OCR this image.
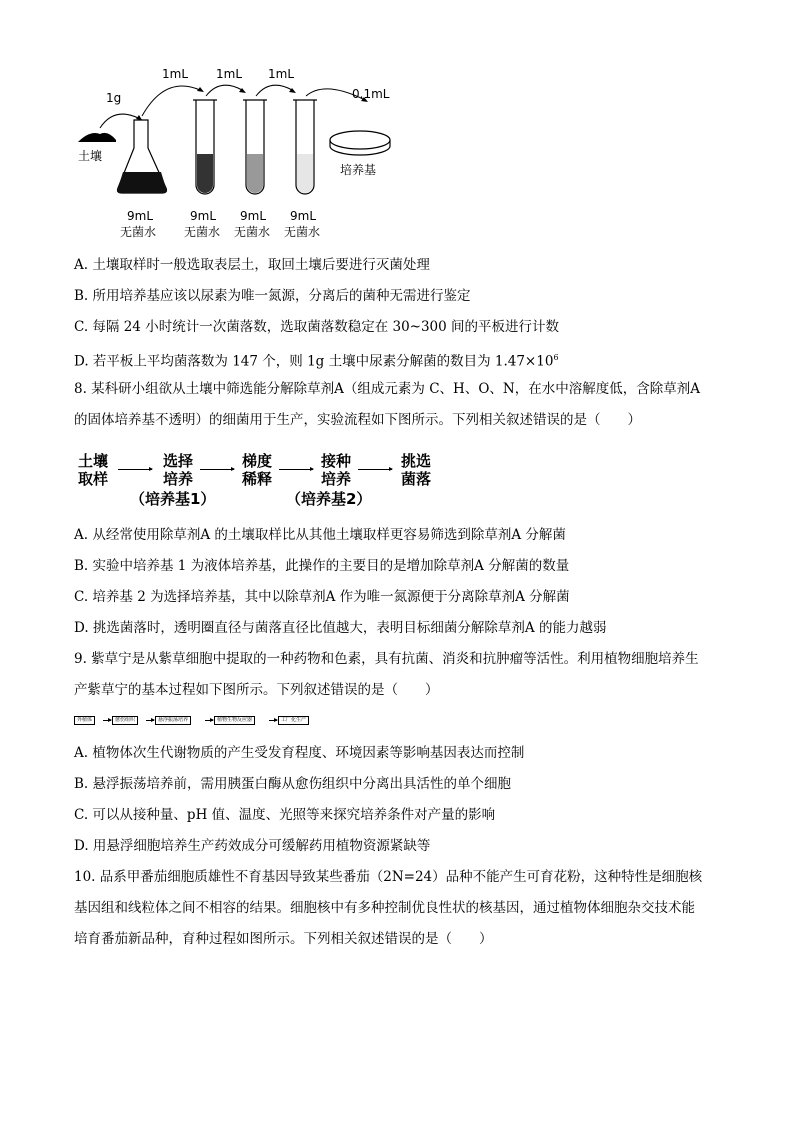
土壤
1g
1mL 1mL 1mL
0.1mL
培养基
9mL	9mL 9mL 9mL
无菌水 无菌水 无菌水 无菌水
A. 土壤取样时一般选取表层土，取回土壤后要进行灭菌处理
B. 所用培养基应该以尿素为唯一氮源，分离后的菌种无需进行鉴定
C. 每隔 24 小时统计一次菌落数，选取菌落数稳定在 30~300 间的平板进行计数
D. 若平板上平均菌落数为 147 个，则 1g 土壤中尿素分解菌的数目为 $1.47\times 10^6$
8. 某科研小组欲从土壤中筛选能分解除草剂A（组成元素为 C、H、O、N，在水中溶解度低，含除草剂A
的固体培养基不透明）的细菌用于生产，实验流程如下图所示。下列相关叙述错误的是（　　）
土壤
取样
选择
培养
梯度
稀释
接种
培养
挑选
菌落
（培养基1）	（培养基2）
A. 从经常使用除草剂A 的土壤取样比从其他土壤取样更容易筛选到除草剂A 分解菌
B. 实验中培养基 1 为液体培养基，此操作的主要目的是增加除草剂A 分解菌的数量
C. 培养基 2 为选择培养基，其中以除草剂A 作为唯一氮源便于分离除草剂A 分解菌
D. 挑选菌落时，透明圈直径与菌落直径比值越大，表明目标细菌分解除草剂A 的能力越弱
9. 紫草宁是从紫草细胞中提取的一种药物和色素，具有抗菌、消炎和抗肿瘤等活性。利用植物细胞培养生
产紫草宁的基本过程如下图所示。下列叙述错误的是（　　）
外植体	愈伤组织	悬浮振荡培养	植物生物反应器	工厂化生产
A. 植物体次生代谢物质的产生受发育程度、环境因素等影响基因表达而控制
B. 悬浮振荡培养前，需用胰蛋白酶从愈伤组织中分离出具活性的单个细胞
C. 可以从接种量、pH 值、温度、光照等来探究培养条件对产量的影响
D. 用悬浮细胞培养生产药效成分可缓解药用植物资源紧缺等
10. 品系甲番茄细胞质雄性不育基因导致某些番茄（2N=24）品种不能产生可育花粉，这种特性是细胞核
基因组和线粒体之间不相容的结果。细胞核中有多种控制优良性状的核基因，通过植物体细胞杂交技术能
培育番茄新品种，育种过程如图所示。下列相关叙述错误的是（　　）
